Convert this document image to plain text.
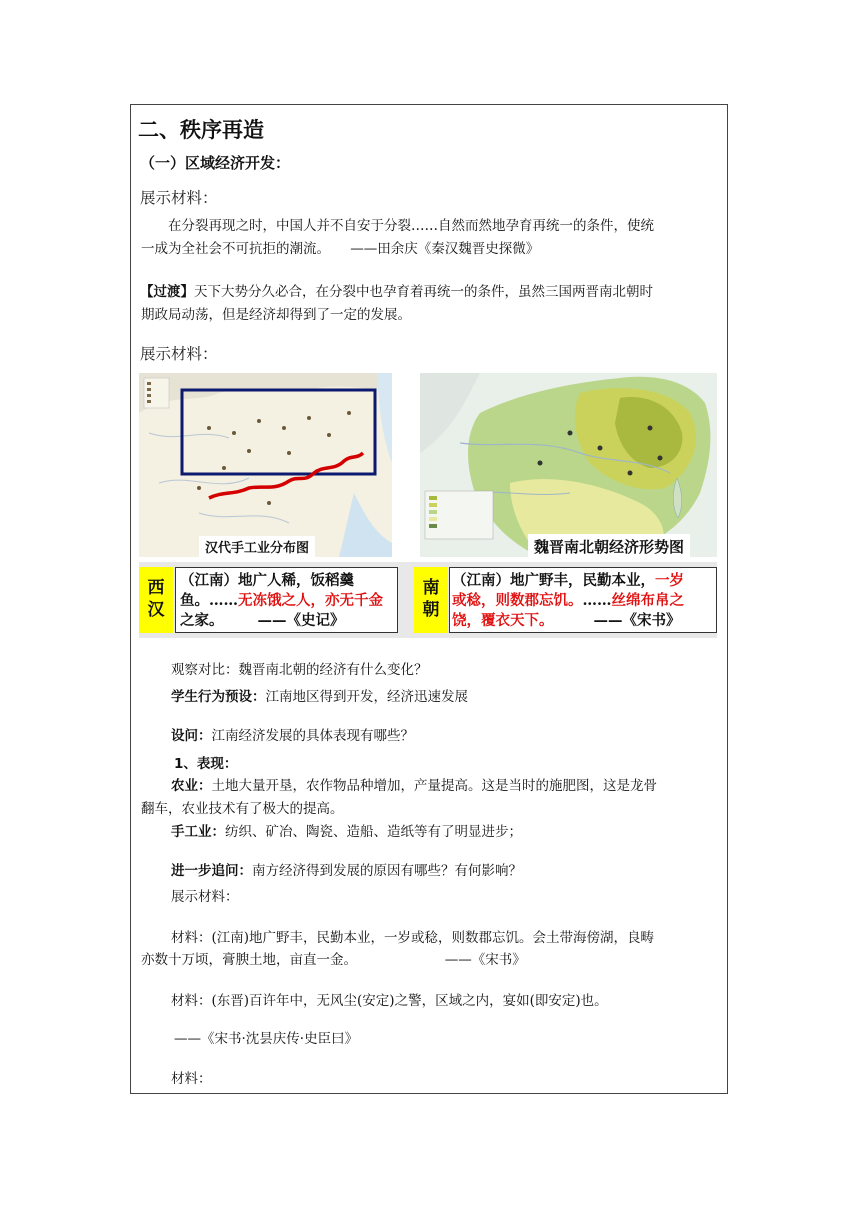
二、秩序再造
（一）区域经济开发：
展示材料：
在分裂再现之时，中国人并不自安于分裂……自然而然地孕育再统一的条件，使统
一成为全社会不可抗拒的潮流。　　——田余庆《秦汉魏晋史探微》
【过渡】天下大势分久必合，在分裂中也孕育着再统一的条件，虽然三国两晋南北朝时
期政局动荡，但是经济却得到了一定的发展。
展示材料：
汉代手工业分布图	魏晋南北朝经济形势图
西
汉
（江南）地广人稀，饭稻羹
鱼。……无冻饿之人，亦无千金
之家。 ——《史记》
南
朝
（江南）地广野丰，民勤本业，一岁
或稔，则数郡忘饥。……丝绵布帛之
饶，覆衣天下。	——《宋书》
观察对比：魏晋南北朝的经济有什么变化？
学生行为预设：江南地区得到开发，经济迅速发展
设问：江南经济发展的具体表现有哪些？
1、表现：
农业：土地大量开垦，农作物品种增加，产量提高。这是当时的施肥图，这是龙骨
翻车，农业技术有了极大的提高。
手工业：纺织、矿冶、陶瓷、造船、造纸等有了明显进步；
进一步追问：南方经济得到发展的原因有哪些？有何影响？
展示材料：
材料：(江南)地广野丰，民勤本业，一岁或稔，则数郡忘饥。会土带海傍湖，良畴
亦数十万顷，膏腴土地，亩直一金。　　　　　　　——《宋书》
材料：(东晋)百许年中，无风尘(安定)之警，区域之内，宴如(即安定)也。
——《宋书·沈昙庆传·史臣曰》
材料：
